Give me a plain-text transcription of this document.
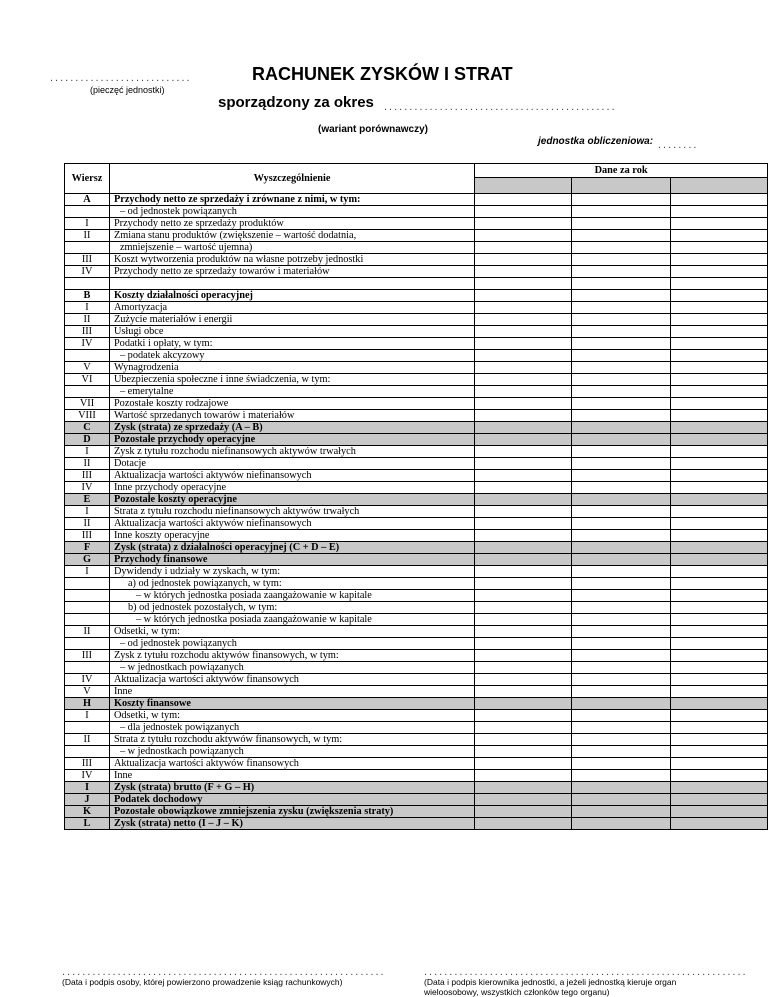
............................
(pieczęć jednostki)
RACHUNEK ZYSKÓW I STRAT
sporządzony za okres ..............................................
(wariant porównawczy)
jednostka obliczeniowa: ........
Wiersz	Wyszczególnienie	Dane za rok		

A	Przychody netto ze sprzedaży i zrównane z nimi, w tym:			
	– od jednostek powiązanych			
I	Przychody netto ze sprzedaży produktów			
II	Zmiana stanu produktów (zwiększenie – wartość dodatnia,			
	zmniejszenie – wartość ujemna)			
III	Koszt wytworzenia produktów na własne potrzeby jednostki			
IV	Przychody netto ze sprzedaży towarów i materiałów			

B	Koszty działalności operacyjnej			
I	Amortyzacja			
II	Zużycie materiałów i energii			
III	Usługi obce			
IV	Podatki i opłaty, w tym:			
	– podatek akcyzowy			
V	Wynagrodzenia			
VI	Ubezpieczenia społeczne i inne świadczenia, w tym:			
	– emerytalne			
VII	Pozostałe koszty rodzajowe			
VIII	Wartość sprzedanych towarów i materiałów			
C	Zysk (strata) ze sprzedaży (A – B)			
D	Pozostałe przychody operacyjne			
I	Zysk z tytułu rozchodu niefinansowych aktywów trwałych			
II	Dotacje			
III	Aktualizacja wartości aktywów niefinansowych			
IV	Inne przychody operacyjne			
E	Pozostałe koszty operacyjne			
I	Strata z tytułu rozchodu niefinansowych aktywów trwałych			
II	Aktualizacja wartości aktywów niefinansowych			
III	Inne koszty operacyjne			
F	Zysk (strata) z działalności operacyjnej (C + D – E)			
G	Przychody finansowe			
I	Dywidendy i udziały w zyskach, w tym:			
	a) od jednostek powiązanych, w tym:			
	– w których jednostka posiada zaangażowanie w kapitale			
	b) od jednostek pozostałych, w tym:			
	– w których jednostka posiada zaangażowanie w kapitale			
II	Odsetki, w tym:			
	– od jednostek powiązanych			
III	Zysk z tytułu rozchodu aktywów finansowych, w tym:			
	– w jednostkach powiązanych			
IV	Aktualizacja wartości aktywów finansowych			
V	Inne			
H	Koszty finansowe			
I	Odsetki, w tym:			
	– dla jednostek powiązanych			
II	Strata z tytułu rozchodu aktywów finansowych, w tym:			
	– w jednostkach powiązanych			
III	Aktualizacja wartości aktywów finansowych			
IV	Inne			
I	Zysk (strata) brutto (F + G – H)			
J	Podatek dochodowy			
K	Pozostałe obowiązkowe zmniejszenia zysku (zwiększenia straty)			
L	Zysk (strata) netto (I – J – K)			
................................................................
(Data i podpis osoby, której powierzono prowadzenie ksiąg rachunkowych)
................................................................
(Data i podpis kierownika jednostki, a jeżeli jednostką kieruje organ wieloosobowy, wszystkich członków tego organu)
